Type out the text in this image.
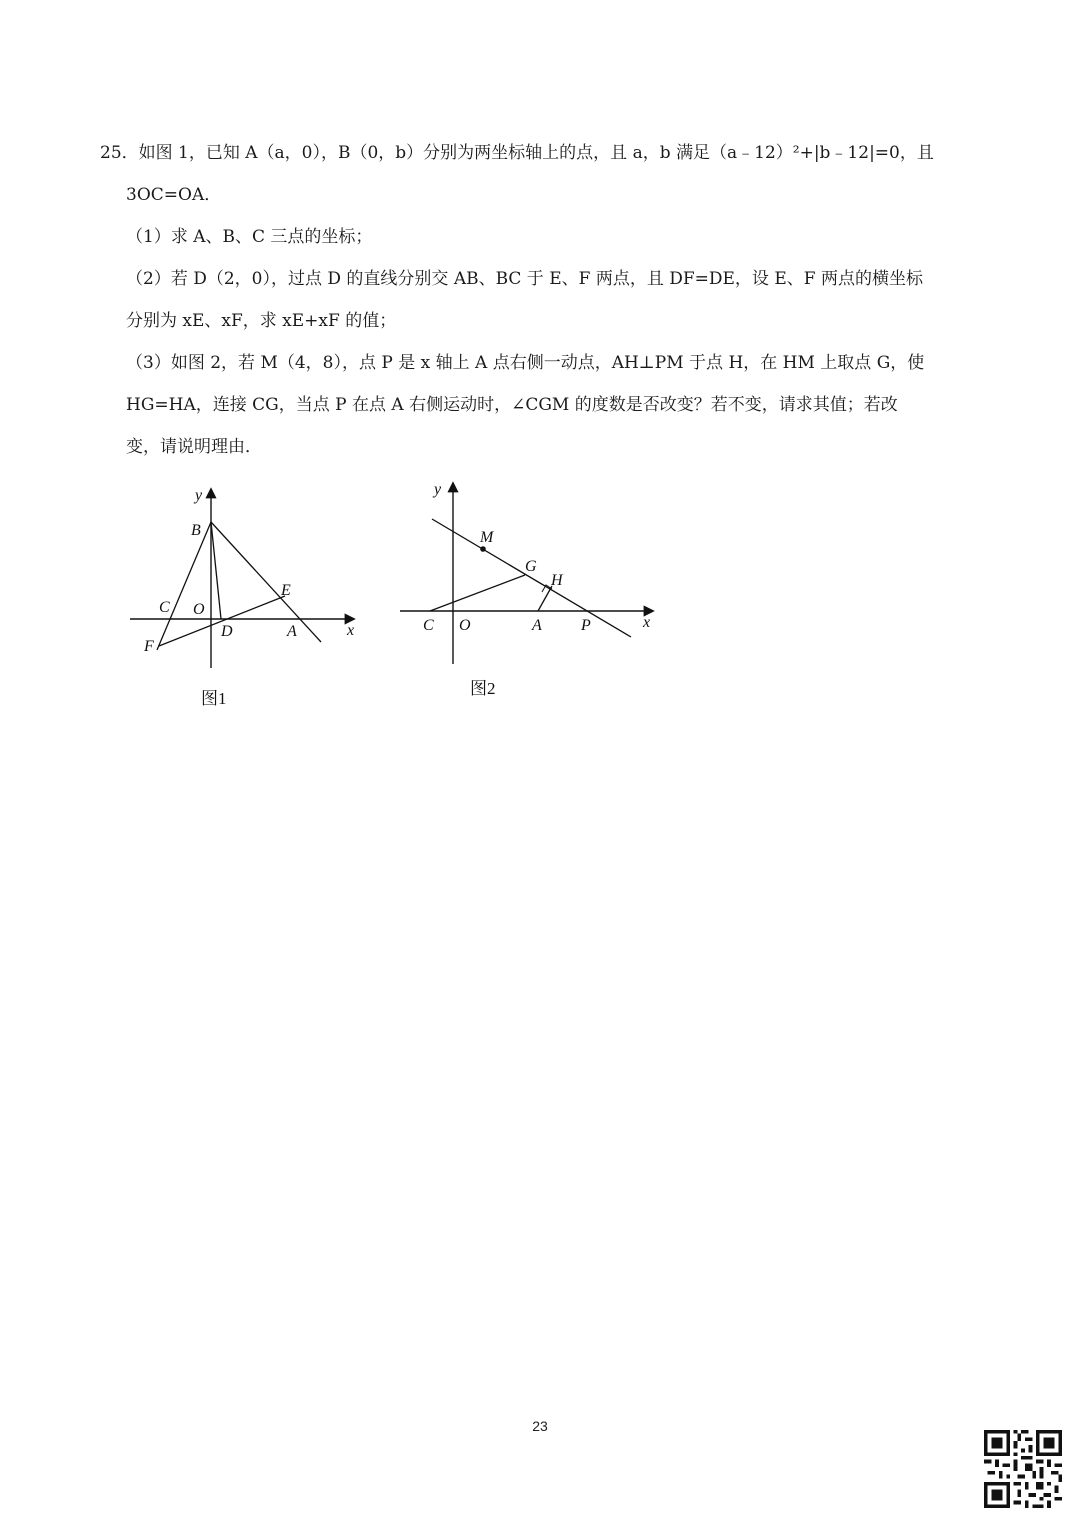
25．如图 1，已知 A（a，0），B（0，b）分别为两坐标轴上的点，且 a，b 满足（a﹣12）²+|b﹣12|=0，且
3OC=OA．
（1）求 A、B、C 三点的坐标；
（2）若 D（2，0），过点 D 的直线分别交 AB、BC 于 E、F 两点，且 DF=DE，设 E、F 两点的横坐标
分别为 xE、xF，求 xE+xF 的值；
（3）如图 2，若 M（4，8），点 P 是 x 轴上 A 点右侧一动点，AH⊥PM 于点 H，在 HM 上取点 G，使
HG=HA，连接 CG，当点 P 在点 A 右侧运动时，∠CGM 的度数是否改变？若不变，请求其值；若改
变，请说明理由．
y
B
C O
E
D	A	x
F
图1
y
M
G
H
C O	A P	x
图2
23
